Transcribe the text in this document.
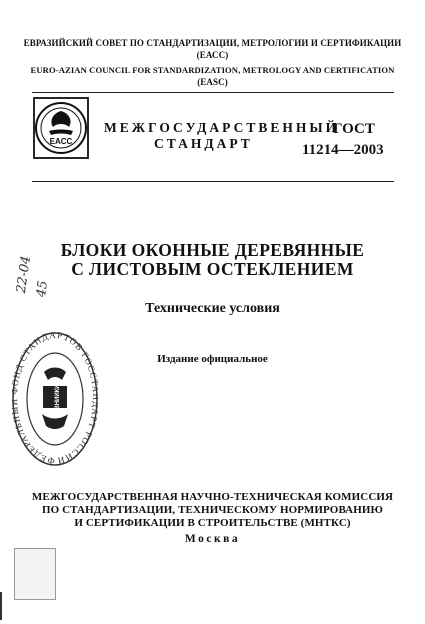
ЕВРАЗИЙСКИЙ СОВЕТ ПО СТАНДАРТИЗАЦИИ, МЕТРОЛОГИИ И СЕРТИФИКАЦИИ
(ЕАСС)
EURO-AZIAN COUNCIL FOR STANDARDIZATION, METROLOGY AND CERTIFICATION
(EASC)
EACC
МЕЖГОСУДАРСТВЕННЫЙ
СТАНДАРТ
ГОСТ
11214—2003
БЛОКИ ОКОННЫЕ ДЕРЕВЯННЫЕ
С ЛИСТОВЫМ ОСТЕКЛЕНИЕМ
Технические условия
Издание официальное
22-04 45
ФЕДЕРАЛЬ НД СТАНДАРТОВ ГОСС Т РОССИИ
ВНИИКИ
МЕЖГОСУДАРСТВЕННАЯ НАУЧНО-ТЕХНИЧЕСКАЯ КОМИССИЯ
ПО СТАНДАРТИЗАЦИИ, ТЕХНИЧЕСКОМУ НОРМИРОВАНИЮ
И СЕРТИФИКАЦИИ В СТРОИТЕЛЬСТВЕ (МНТКС)
Москва
